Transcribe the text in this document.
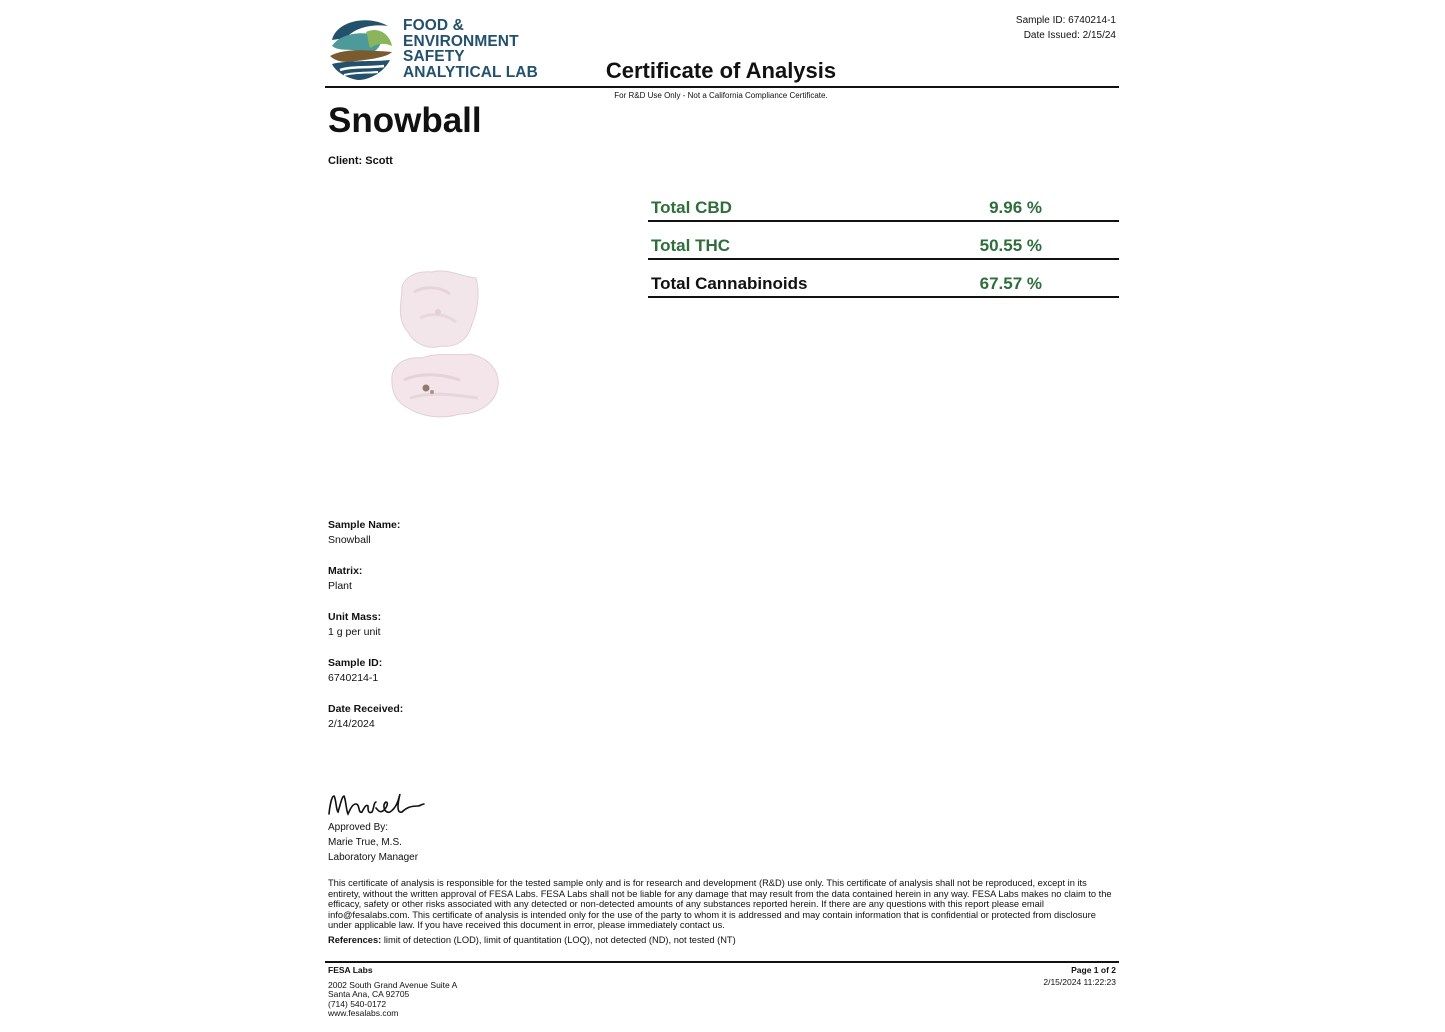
FOOD &
ENVIRONMENT
SAFETY
ANALYTICAL LAB
Sample ID: 6740214-1
Date Issued: 2/15/24
Certificate of Analysis
For R&D Use Only - Not a California Compliance Certificate.
Snowball
Client: Scott
Total CBD	9.96 %
Total THC	50.55 %
Total Cannabinoids	67.57 %
Sample Name:
Snowball
Matrix:
Plant
Unit Mass:
1 g per unit
Sample ID:
6740214-1
Date Received:
2/14/2024
Approved By:
Marie True, M.S.
Laboratory Manager
This certificate of analysis is responsible for the tested sample only and is for research and development (R&D) use only. This certificate of analysis shall not be reproduced, except in its entirety, without the written approval of FESA Labs. FESA Labs shall not be liable for any damage that may result from the data contained herein in any way. FESA Labs makes no claim to the efficacy, safety or other risks associated with any detected or non-detected amounts of any substances reported herein. If there are any questions with this report please email info@fesalabs.com. This certificate of analysis is intended only for the use of the party to whom it is addressed and may contain information that is confidential or protected from disclosure under applicable law. If you have received this document in error, please immediately contact us.
References: limit of detection (LOD), limit of quantitation (LOQ), not detected (ND), not tested (NT)
FESA Labs
2002 South Grand Avenue Suite A
Santa Ana, CA 92705
(714) 540-0172
www.fesalabs.com
Page 1 of 2
2/15/2024 11:22:23
